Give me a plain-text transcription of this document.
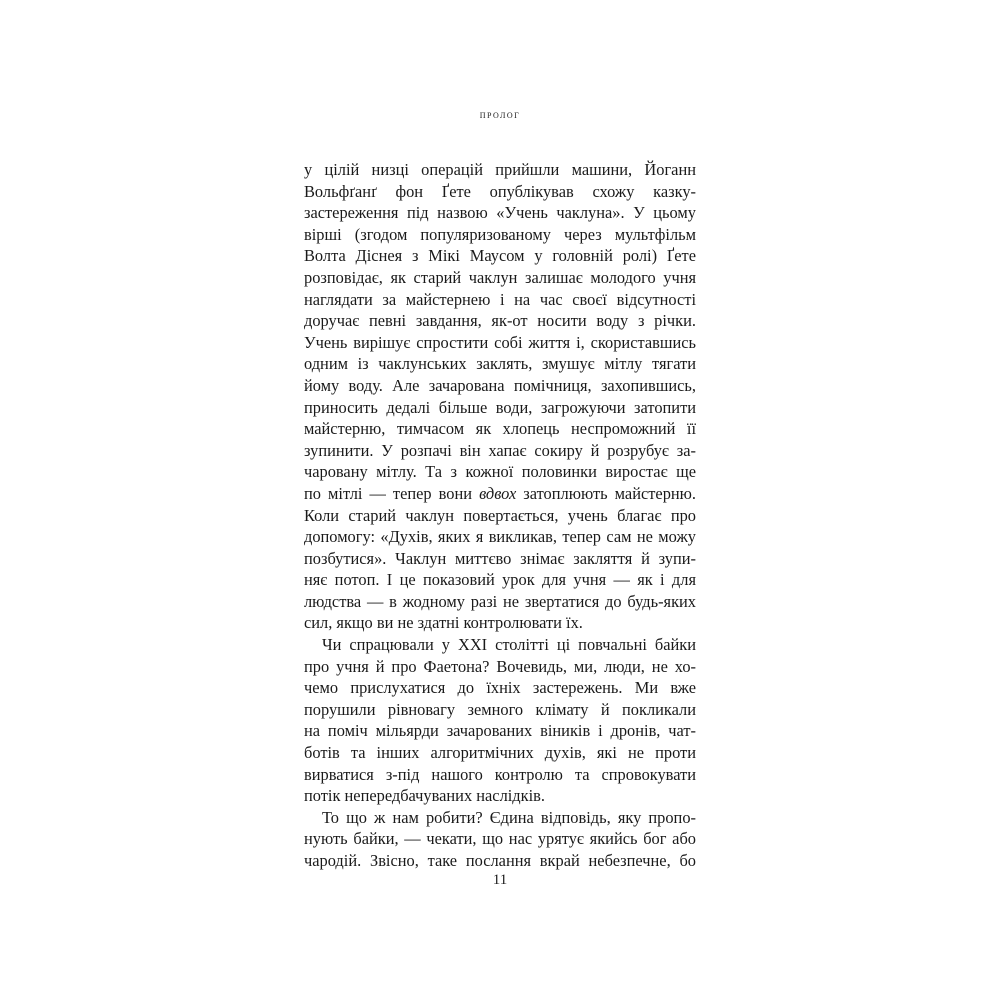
пролог
у цілій низці операцій прийшли машини, Йоганн
Вольфґанґ фон Ґете опублікував схожу казку-
застереження під назвою «Учень чаклуна». У цьому
вірші (згодом популяризованому через мультфільм
Волта Діснея з Мікі Маусом у головній ролі) Ґете
розповідає, як старий чаклун залишає молодого учня
наглядати за майстернею і на час своєї відсутності
доручає певні завдання, як-от носити воду з річки.
Учень вирішує спростити собі життя і, скориставшись
одним із чаклунських заклять, змушує мітлу тягати
йому воду. Але зачарована помічниця, захопившись,
приносить дедалі більше води, загрожуючи затопити
майстерню, тимчасом як хлопець неспроможний її
зупинити. У розпачі він хапає сокиру й розрубує за-
чаровану мітлу. Та з кожної половинки виростає ще
по мітлі — тепер вони вдвох затоплюють майстерню.
Коли старий чаклун повертається, учень благає про
допомогу: «Духів, яких я викликав, тепер сам не можу
позбутися». Чаклун миттєво знімає закляття й зупи-
няє потоп. І це показовий урок для учня — як і для
людства — в жодному разі не звертатися до будь-яких
сил, якщо ви не здатні контролювати їх.
Чи спрацювали у XXI столітті ці повчальні байки
про учня й про Фаетона? Вочевидь, ми, люди, не хо-
чемо прислухатися до їхніх застережень. Ми вже
порушили рівновагу земного клімату й покликали
на поміч мільярди зачарованих віників і дронів, чат-
ботів та інших алгоритмічних духів, які не проти
вирватися з-під нашого контролю та спровокувати
потік непередбачуваних наслідків.
То що ж нам робити? Єдина відповідь, яку пропо-
нують байки, — чекати, що нас урятує якийсь бог або
чародій. Звісно, таке послання вкрай небезпечне, бо
11
